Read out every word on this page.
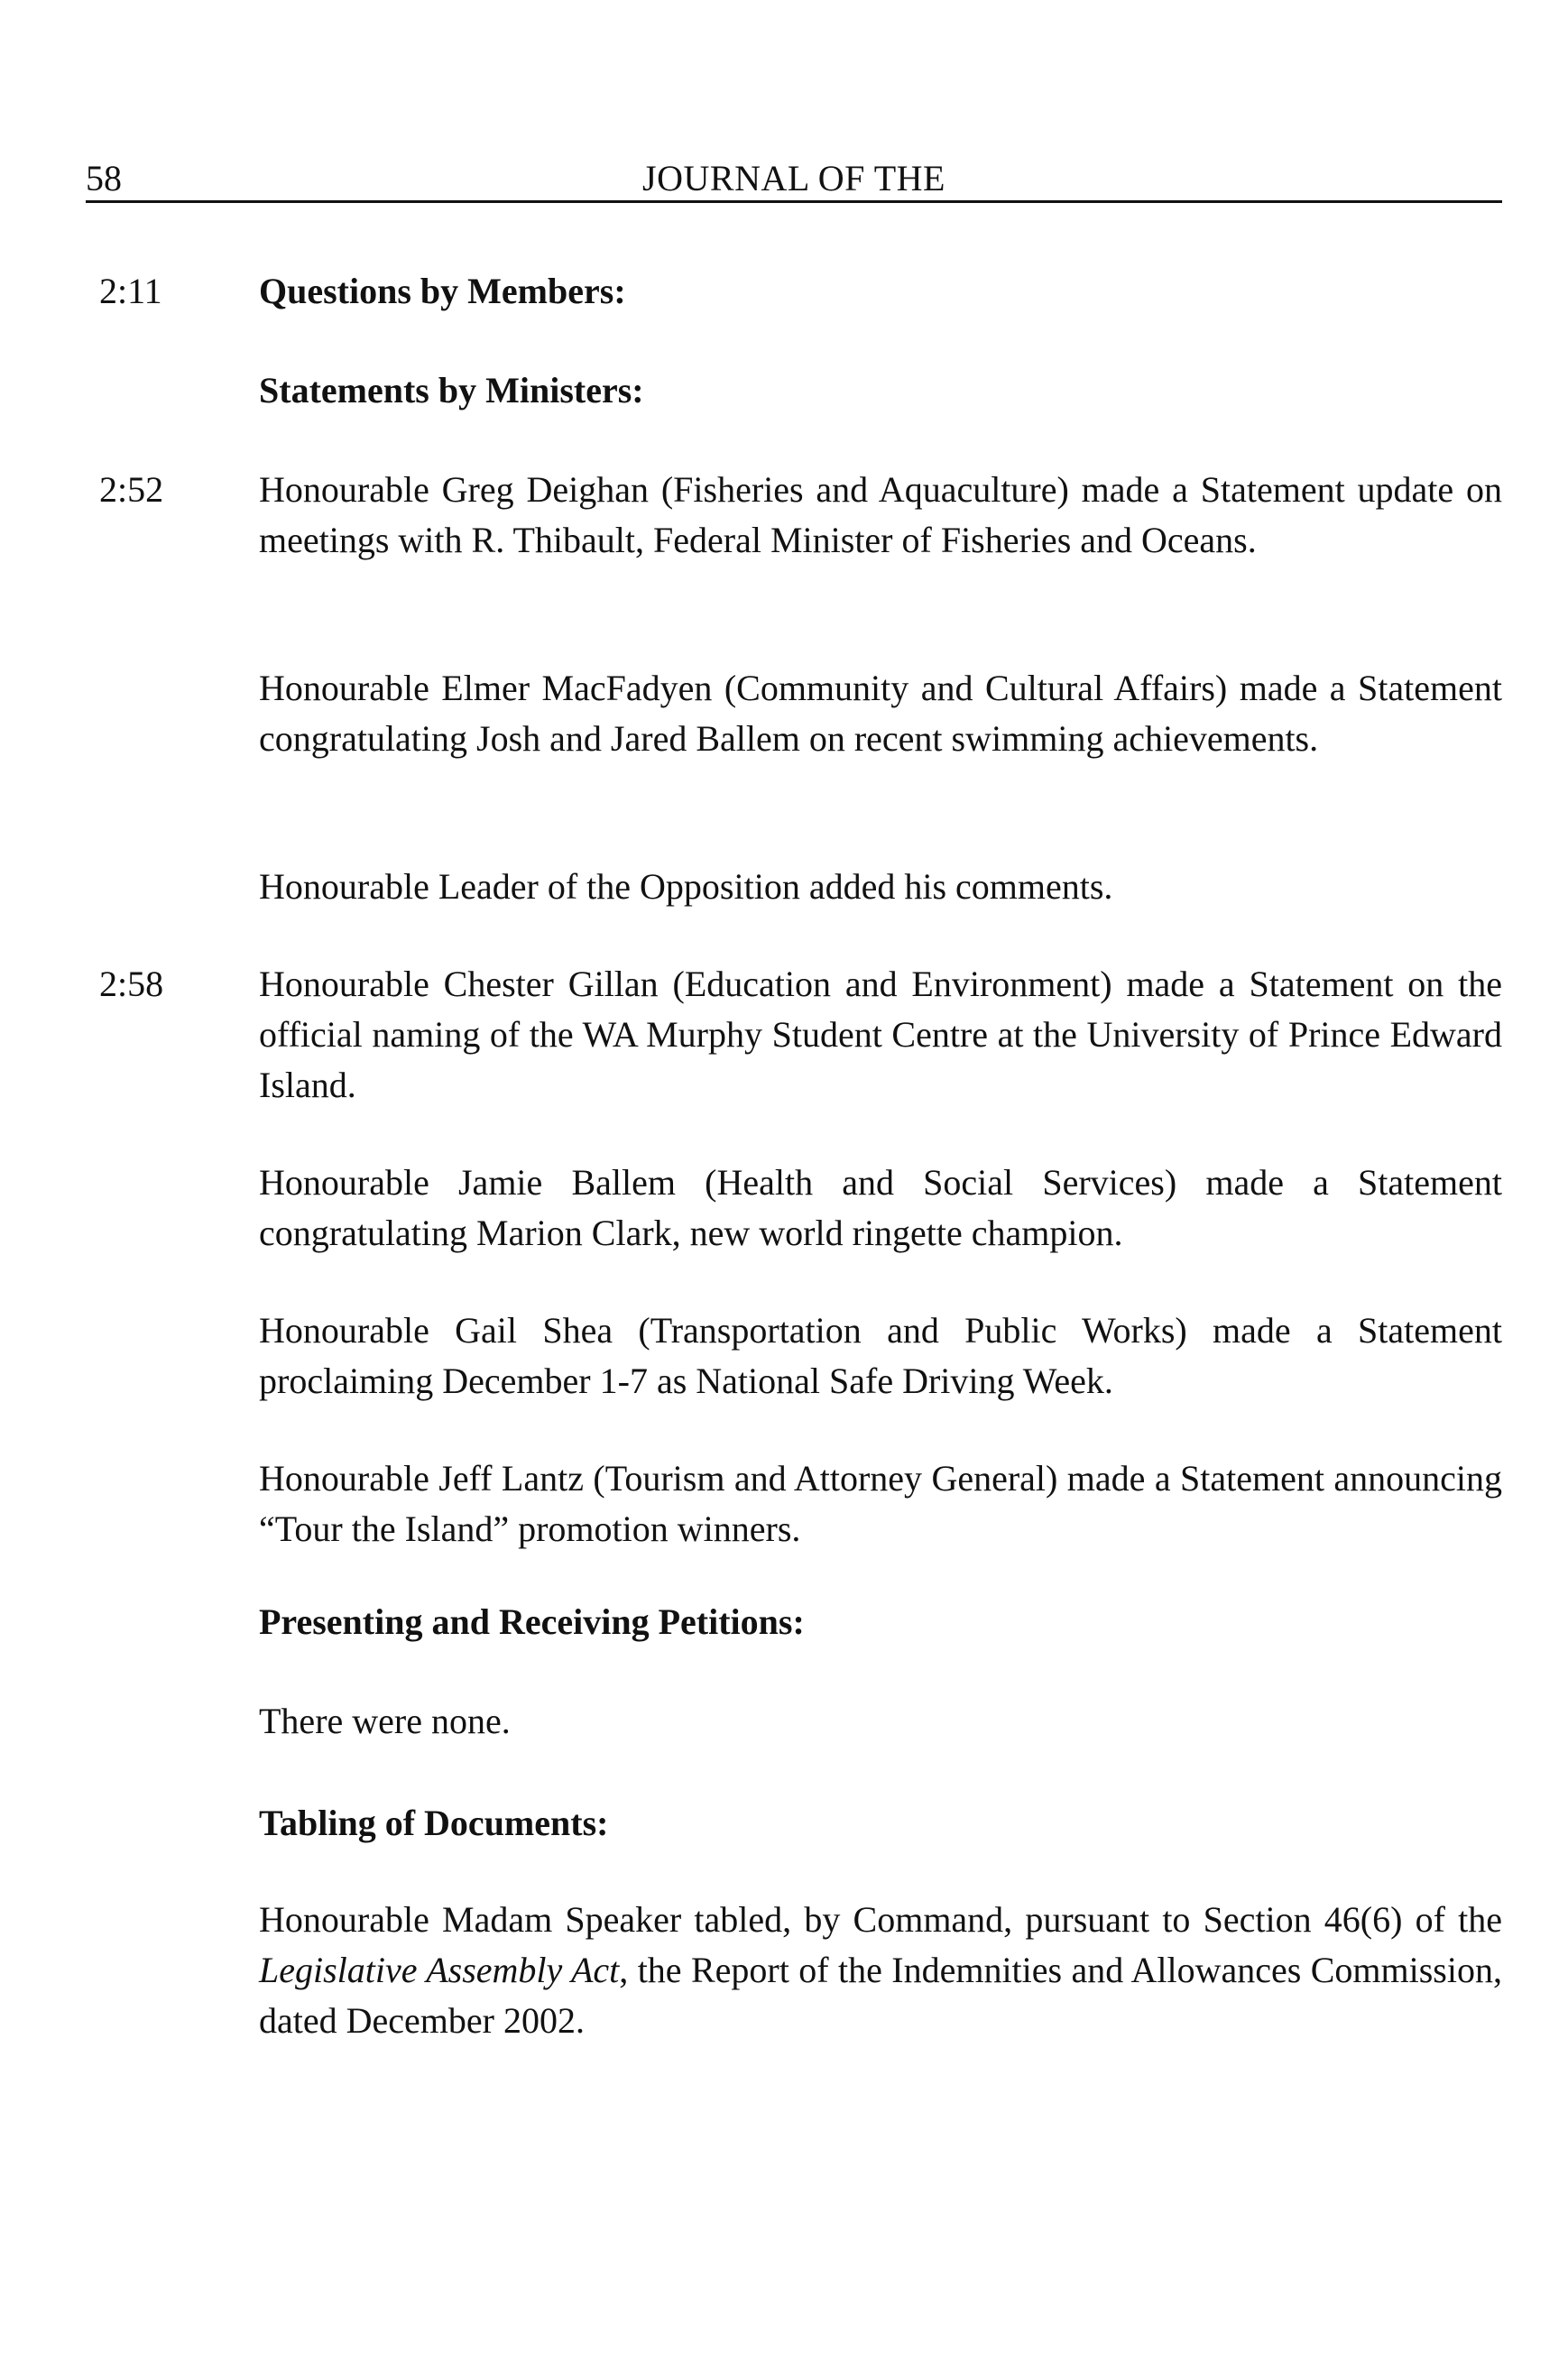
58	JOURNAL OF THE
2:11	Questions by Members:

Statements by Ministers:

2:52	Honourable Greg Deighan (Fisheries and Aquaculture) made a Statement update on meetings with R. Thibault, Federal Minister of Fisheries and Oceans.

Honourable Elmer MacFadyen (Community and Cultural Affairs) made a Statement congratulating Josh and Jared Ballem on recent swimming achievements.

Honourable Leader of the Opposition added his comments.

2:58	Honourable Chester Gillan (Education and Environment) made a Statement on the official naming of the WA Murphy Student Centre at the University of Prince Edward Island.

Honourable Jamie Ballem (Health and Social Services) made a Statement congratulating Marion Clark, new world ringette champion.

Honourable Gail Shea (Transportation and Public Works) made a Statement proclaiming December 1-7 as National Safe Driving Week.

Honourable Jeff Lantz (Tourism and Attorney General) made a Statement announcing “Tour the Island” promotion winners.

Presenting and Receiving Petitions:

There were none.

Tabling of Documents:

Honourable Madam Speaker tabled, by Command, pursuant to Section 46(6) of the Legislative Assembly Act, the Report of the Indemnities and Allowances Commission, dated December 2002.
